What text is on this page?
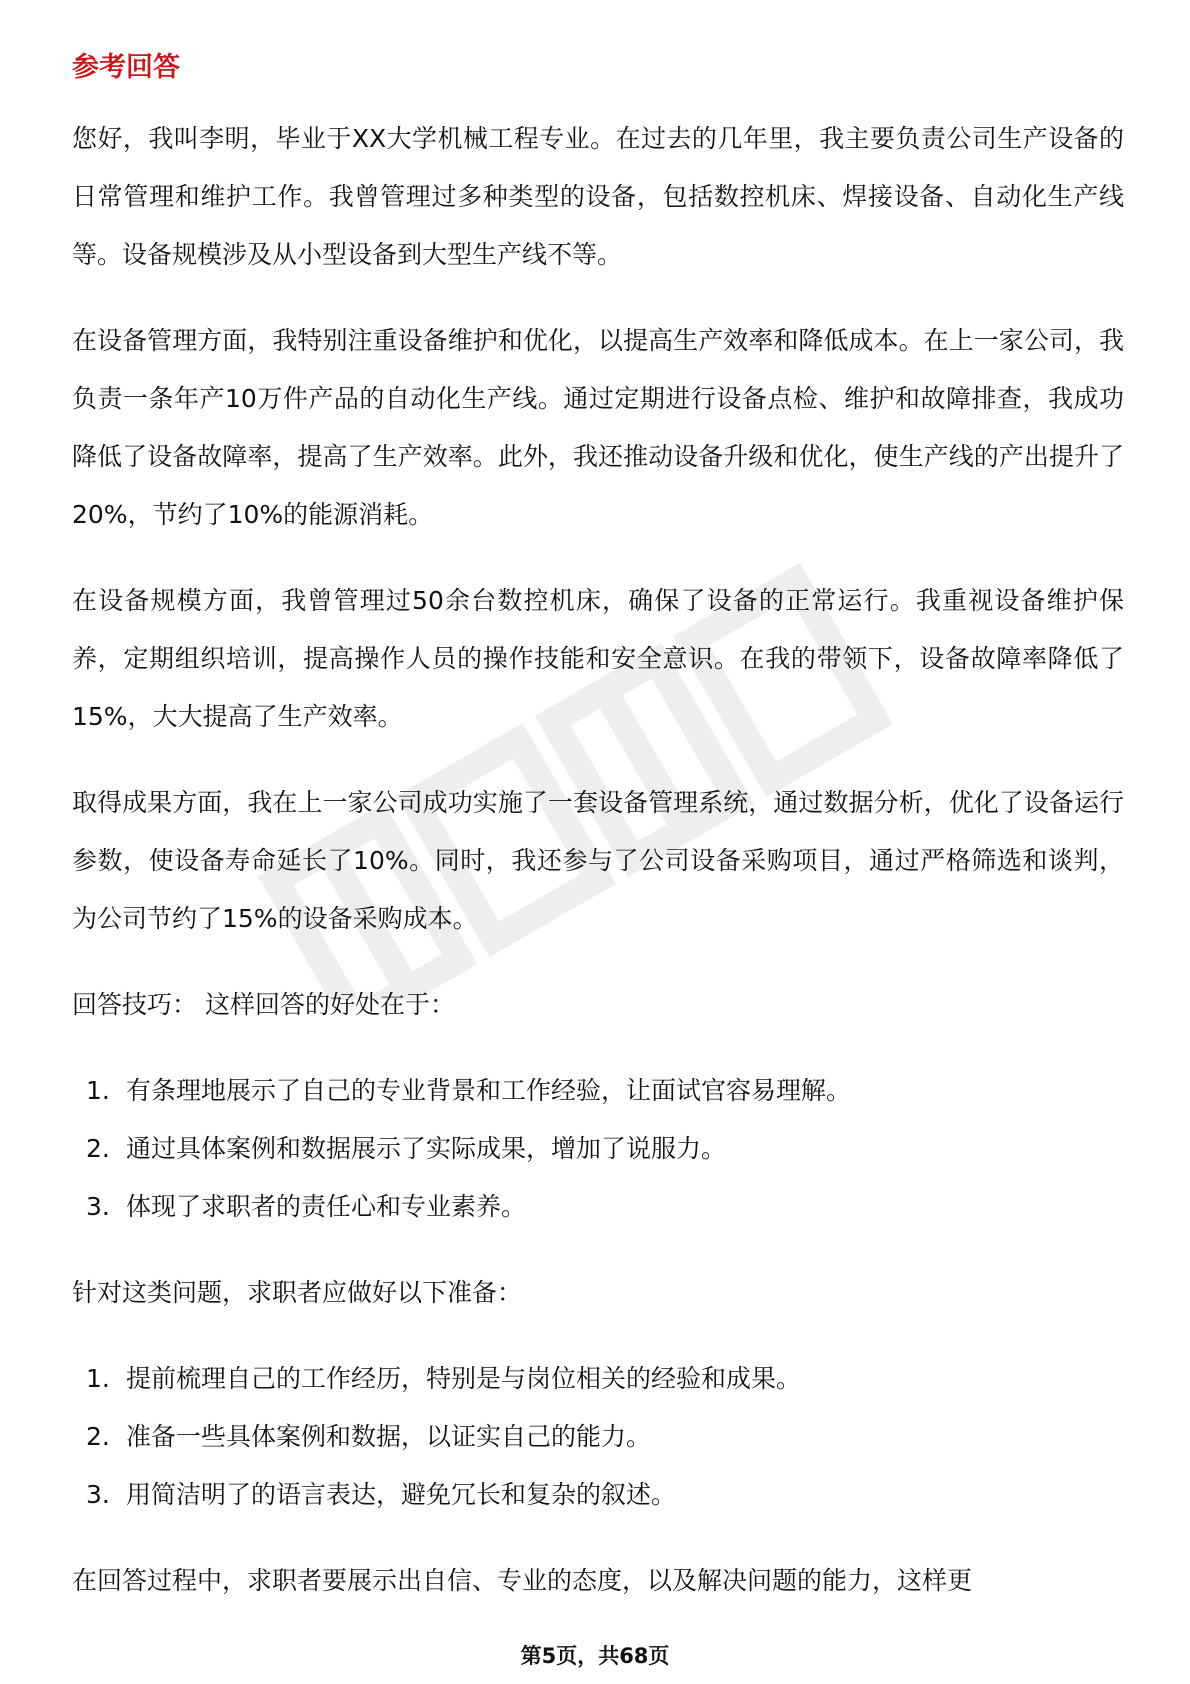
参考回答

您好，我叫李明，毕业于XX大学机械工程专业。在过去的几年里，我主要负责公司生产设备的日常管理和维护工作。我曾管理过多种类型的设备，包括数控机床、焊接设备、自动化生产线等。设备规模涉及从小型设备到大型生产线不等。

在设备管理方面，我特别注重设备维护和优化，以提高生产效率和降低成本。在上一家公司，我负责一条年产10万件产品的自动化生产线。通过定期进行设备点检、维护和故障排查，我成功降低了设备故障率，提高了生产效率。此外，我还推动设备升级和优化，使生产线的产出提升了20%，节约了10%的能源消耗。

在设备规模方面，我曾管理过50余台数控机床，确保了设备的正常运行。我重视设备维护保养，定期组织培训，提高操作人员的操作技能和安全意识。在我的带领下，设备故障率降低了15%，大大提高了生产效率。

取得成果方面，我在上一家公司成功实施了一套设备管理系统，通过数据分析，优化了设备运行参数，使设备寿命延长了10%。同时，我还参与了公司设备采购项目，通过严格筛选和谈判，为公司节约了15%的设备采购成本。

回答技巧： 这样回答的好处在于：

1. 有条理地展示了自己的专业背景和工作经验，让面试官容易理解。
2. 通过具体案例和数据展示了实际成果，增加了说服力。
3. 体现了求职者的责任心和专业素养。

针对这类问题，求职者应做好以下准备：

1. 提前梳理自己的工作经历，特别是与岗位相关的经验和成果。
2. 准备一些具体案例和数据，以证实自己的能力。
3. 用简洁明了的语言表达，避免冗长和复杂的叙述。

在回答过程中，求职者要展示出自信、专业的态度，以及解决问题的能力，这样更

第5页，共68页
